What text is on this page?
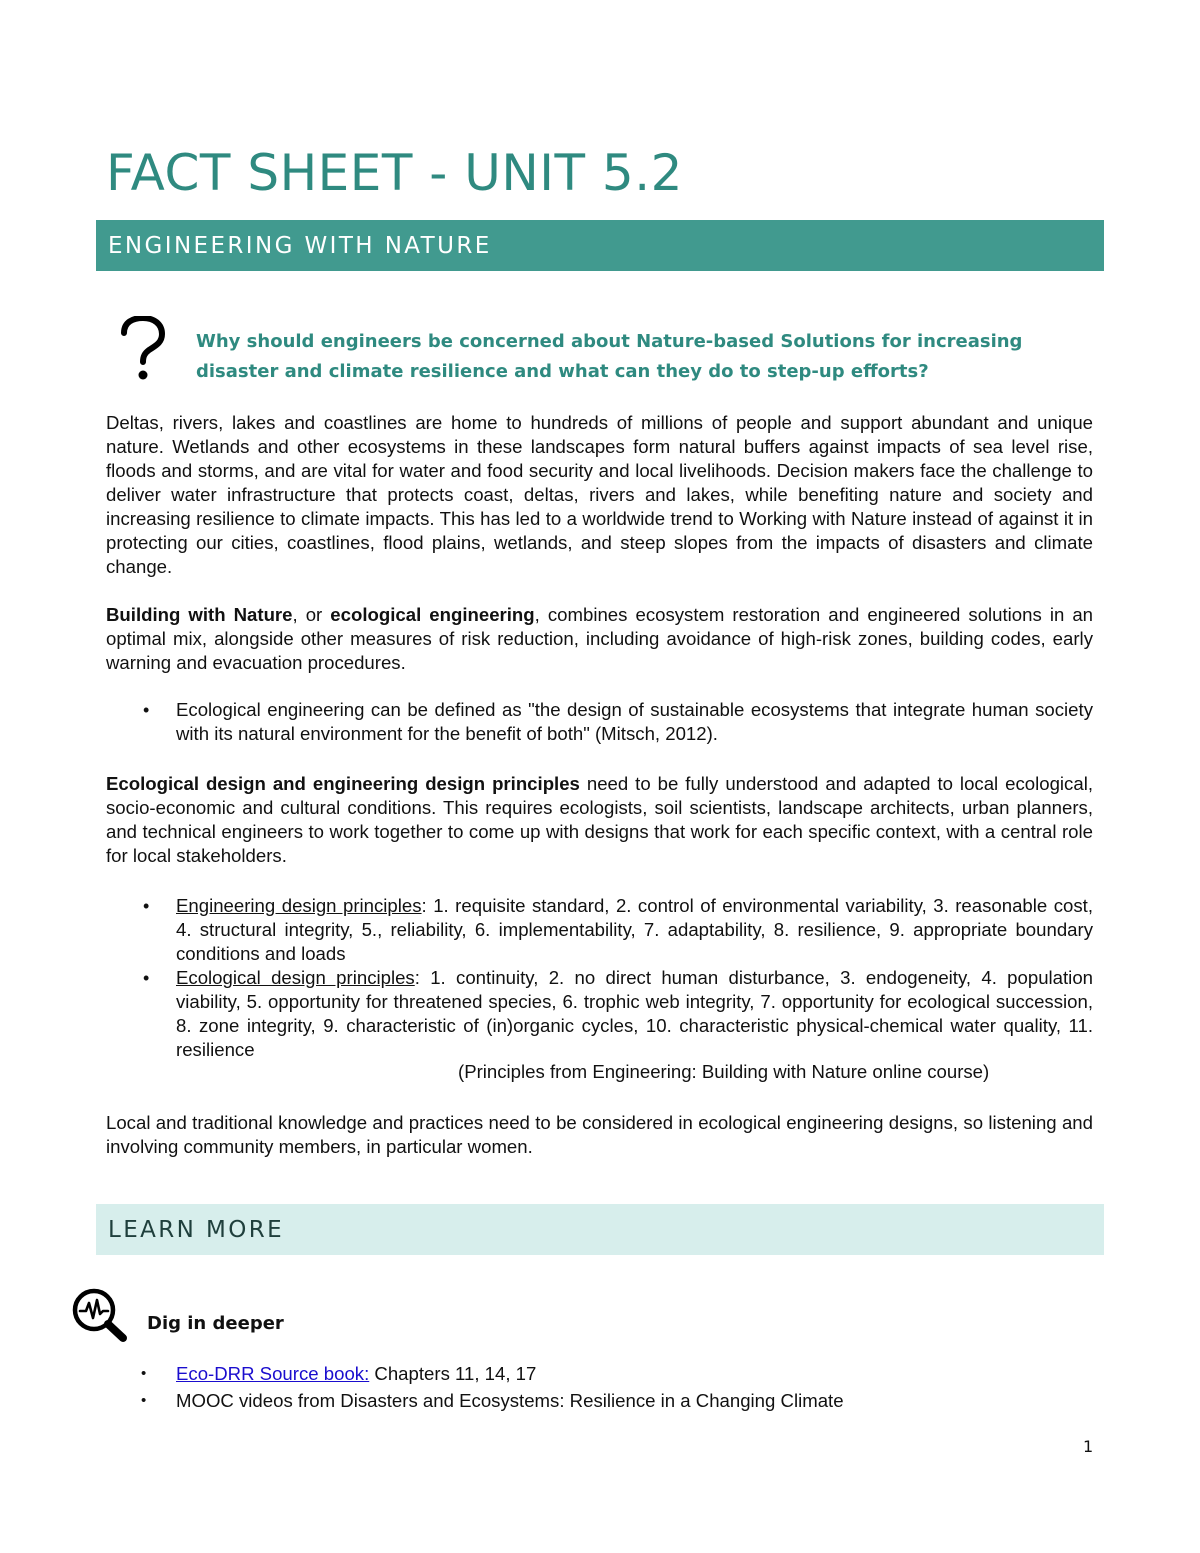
FACT SHEET - UNIT 5.2
ENGINEERING WITH NATURE

Why should engineers be concerned about Nature-based Solutions for increasing disaster and climate resilience and what can they do to step-up efforts?

Deltas, rivers, lakes and coastlines are home to hundreds of millions of people and support abundant and unique nature. Wetlands and other ecosystems in these landscapes form natural buffers against impacts of sea level rise, floods and storms, and are vital for water and food security and local livelihoods. Decision makers face the challenge to deliver water infrastructure that protects coast, deltas, rivers and lakes, while benefiting nature and society and increasing resilience to climate impacts. This has led to a worldwide trend to Working with Nature instead of against it in protecting our cities, coastlines, flood plains, wetlands, and steep slopes from the impacts of disasters and climate change.

Building with Nature, or ecological engineering, combines ecosystem restoration and engineered solutions in an optimal mix, alongside other measures of risk reduction, including avoidance of high-risk zones, building codes, early warning and evacuation procedures.

• Ecological engineering can be defined as "the design of sustainable ecosystems that integrate human society with its natural environment for the benefit of both" (Mitsch, 2012).

Ecological design and engineering design principles need to be fully understood and adapted to local ecological, socio-economic and cultural conditions. This requires ecologists, soil scientists, landscape architects, urban planners, and technical engineers to work together to come up with designs that work for each specific context, with a central role for local stakeholders.

• Engineering design principles: 1. requisite standard, 2. control of environmental variability, 3. reasonable cost, 4. structural integrity, 5., reliability, 6. implementability, 7. adaptability, 8. resilience, 9. appropriate boundary conditions and loads
• Ecological design principles: 1. continuity, 2. no direct human disturbance, 3. endogeneity, 4. population viability, 5. opportunity for threatened species, 6. trophic web integrity, 7. opportunity for ecological succession, 8. zone integrity, 9. characteristic of (in)organic cycles, 10. characteristic physical-chemical water quality, 11. resilience
(Principles from Engineering: Building with Nature online course)

Local and traditional knowledge and practices need to be considered in ecological engineering designs, so listening and involving community members, in particular women.

LEARN MORE
Dig in deeper
• Eco-DRR Source book: Chapters 11, 14, 17
• MOOC videos from Disasters and Ecosystems: Resilience in a Changing Climate
1
